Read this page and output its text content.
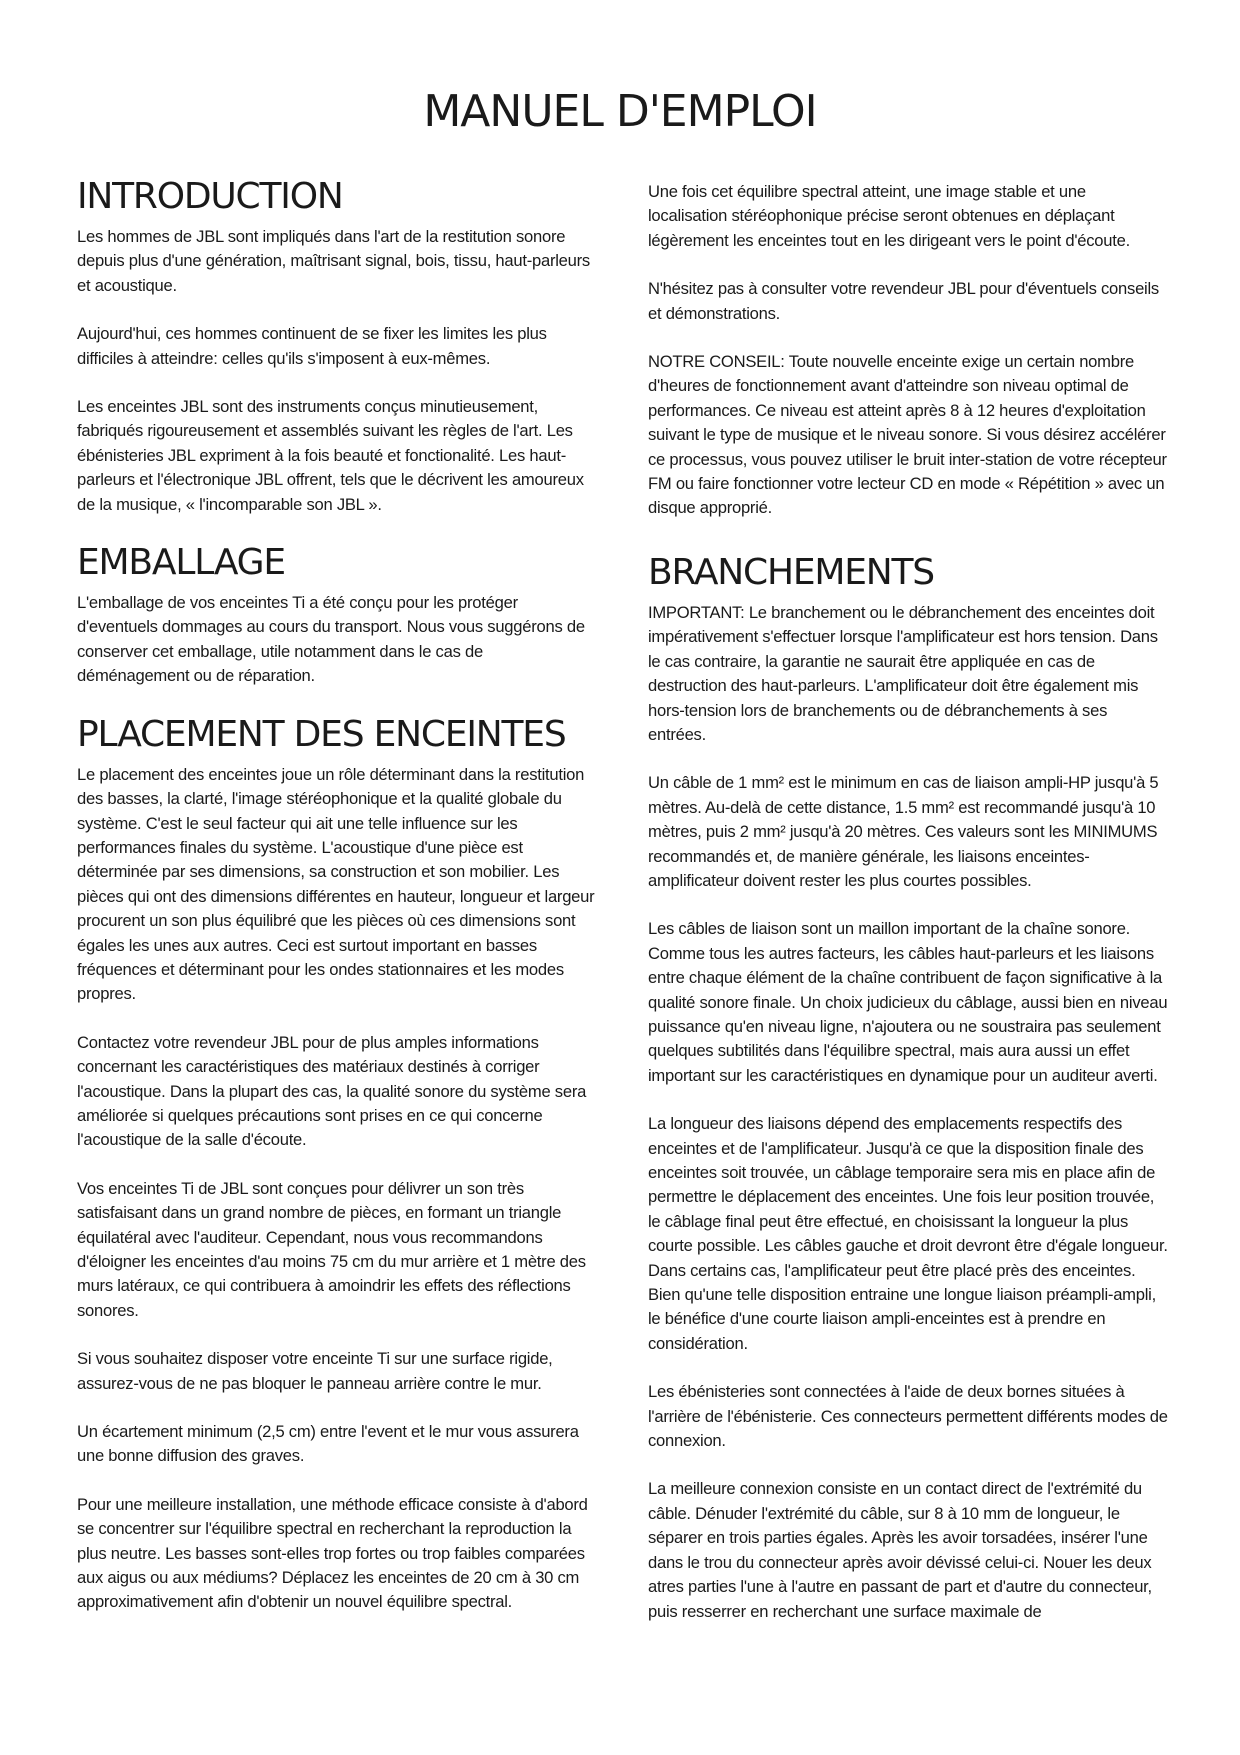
MANUEL D'EMPLOI
INTRODUCTION

Les hommes de JBL sont impliqués dans l'art de la restitution sonore depuis plus d'une génération, maîtrisant signal, bois, tissu, haut-parleurs et acoustique.

Aujourd'hui, ces hommes continuent de se fixer les limites les plus difficiles à atteindre: celles qu'ils s'imposent à eux-mêmes.

Les enceintes JBL sont des instruments conçus minutieusement, fabriqués rigoureusement et assemblés suivant les règles de l'art. Les ébénisteries JBL expriment à la fois beauté et fonctionalité. Les haut-parleurs et l'électronique JBL offrent, tels que le décrivent les amoureux de la musique, « l'incomparable son JBL ».

EMBALLAGE

L'emballage de vos enceintes Ti a été conçu pour les protéger d'eventuels dommages au cours du transport. Nous vous suggérons de conserver cet emballage, utile notamment dans le cas de déménagement ou de réparation.

PLACEMENT DES ENCEINTES

Le placement des enceintes joue un rôle déterminant dans la restitution des basses, la clarté, l'image stéréophonique et la qualité globale du système. C'est le seul facteur qui ait une telle influence sur les performances finales du système. L'acoustique d'une pièce est déterminée par ses dimensions, sa construction et son mobilier. Les pièces qui ont des dimensions différentes en hauteur, longueur et largeur procurent un son plus équilibré que les pièces où ces dimensions sont égales les unes aux autres. Ceci est surtout important en basses fréquences et déterminant pour les ondes stationnaires et les modes propres.

Contactez votre revendeur JBL pour de plus amples informations concernant les caractéristiques des matériaux destinés à corriger l'acoustique. Dans la plupart des cas, la qualité sonore du système sera améliorée si quelques précautions sont prises en ce qui concerne l'acoustique de la salle d'écoute.

Vos enceintes Ti de JBL sont conçues pour délivrer un son très satisfaisant dans un grand nombre de pièces, en formant un triangle équilatéral avec l'auditeur. Cependant, nous vous recommandons d'éloigner les enceintes d'au moins 75 cm du mur arrière et 1 mètre des murs latéraux, ce qui contribuera à amoindrir les effets des réflections sonores.

Si vous souhaitez disposer votre enceinte Ti sur une surface rigide, assurez-vous de ne pas bloquer le panneau arrière contre le mur.

Un écartement minimum (2,5 cm) entre l'event et le mur vous assurera une bonne diffusion des graves.

Pour une meilleure installation, une méthode efficace consiste à d'abord se concentrer sur l'équilibre spectral en recherchant la reproduction la plus neutre. Les basses sont-elles trop fortes ou trop faibles comparées aux aigus ou aux médiums? Déplacez les enceintes de 20 cm à 30 cm approximativement afin d'obtenir un nouvel équilibre spectral.

Une fois cet équilibre spectral atteint, une image stable et une localisation stéréophonique précise seront obtenues en déplaçant légèrement les enceintes tout en les dirigeant vers le point d'écoute.

N'hésitez pas à consulter votre revendeur JBL pour d'éventuels conseils et démonstrations.

NOTRE CONSEIL: Toute nouvelle enceinte exige un certain nombre d'heures de fonctionnement avant d'atteindre son niveau optimal de performances. Ce niveau est atteint après 8 à 12 heures d'exploitation suivant le type de musique et le niveau sonore. Si vous désirez accélérer ce processus, vous pouvez utiliser le bruit inter-station de votre récepteur FM ou faire fonctionner votre lecteur CD en mode « Répétition » avec un disque approprié.

BRANCHEMENTS

IMPORTANT: Le branchement ou le débranchement des enceintes doit impérativement s'effectuer lorsque l'amplificateur est hors tension. Dans le cas contraire, la garantie ne saurait être appliquée en cas de destruction des haut-parleurs. L'amplificateur doit être également mis hors-tension lors de branchements ou de débranchements à ses entrées.

Un câble de 1 mm² est le minimum en cas de liaison ampli-HP jusqu'à 5 mètres. Au-delà de cette distance, 1.5 mm² est recommandé jusqu'à 10 mètres, puis 2 mm² jusqu'à 20 mètres. Ces valeurs sont les MINIMUMS recommandés et, de manière générale, les liaisons enceintes-amplificateur doivent rester les plus courtes possibles.

Les câbles de liaison sont un maillon important de la chaîne sonore. Comme tous les autres facteurs, les câbles haut-parleurs et les liaisons entre chaque élément de la chaîne contribuent de façon significative à la qualité sonore finale. Un choix judicieux du câblage, aussi bien en niveau puissance qu'en niveau ligne, n'ajoutera ou ne soustraira pas seulement quelques subtilités dans l'équilibre spectral, mais aura aussi un effet important sur les caractéristiques en dynamique pour un auditeur averti.

La longueur des liaisons dépend des emplacements respectifs des enceintes et de l'amplificateur. Jusqu'à ce que la disposition finale des enceintes soit trouvée, un câblage temporaire sera mis en place afin de permettre le déplacement des enceintes. Une fois leur position trouvée, le câblage final peut être effectué, en choisissant la longueur la plus courte possible. Les câbles gauche et droit devront être d'égale longueur. Dans certains cas, l'amplificateur peut être placé près des enceintes. Bien qu'une telle disposition entraine une longue liaison préampli-ampli, le bénéfice d'une courte liaison ampli-enceintes est à prendre en considération.

Les ébénisteries sont connectées à l'aide de deux bornes situées à l'arrière de l'ébénisterie. Ces connecteurs permettent différents modes de connexion.

La meilleure connexion consiste en un contact direct de l'extrémité du câble. Dénuder l'extrémité du câble, sur 8 à 10 mm de longueur, le séparer en trois parties égales. Après les avoir torsadées, insérer l'une dans le trou du connecteur après avoir dévissé celui-ci. Nouer les deux atres parties l'une à l'autre en passant de part et d'autre du connecteur, puis resserrer en recherchant une surface maximale de
